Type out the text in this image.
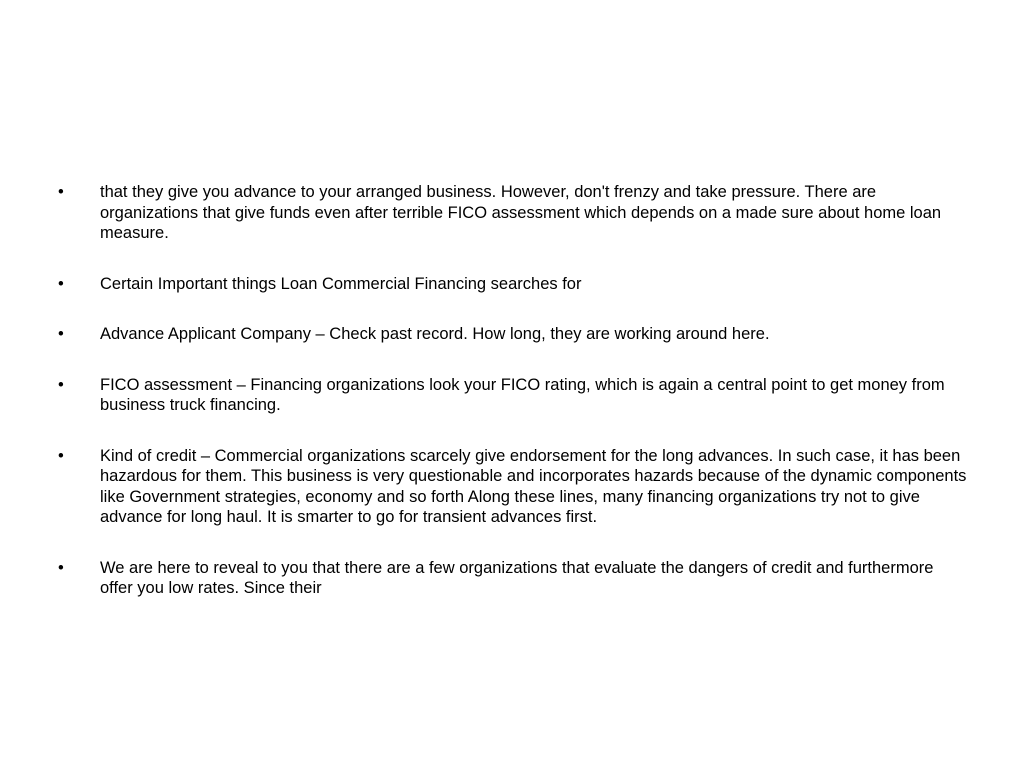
•	that they give you advance to your arranged business. However, don't frenzy and take pressure. There are organizations that give funds even after terrible FICO assessment which depends on a made sure about home loan measure.
•	Certain Important things Loan Commercial Financing searches for
•	Advance Applicant Company – Check past record. How long, they are working around here.
•	FICO assessment – Financing organizations look your FICO rating, which is again a central point to get money from business truck financing.
•	Kind of credit – Commercial organizations scarcely give endorsement for the long advances. In such case, it has been hazardous for them. This business is very questionable and incorporates hazards because of the dynamic components like Government strategies, economy and so forth Along these lines, many financing organizations try not to give advance for long haul. It is smarter to go for transient advances first.
•	We are here to reveal to you that there are a few organizations that evaluate the dangers of credit and furthermore offer you low rates. Since their
